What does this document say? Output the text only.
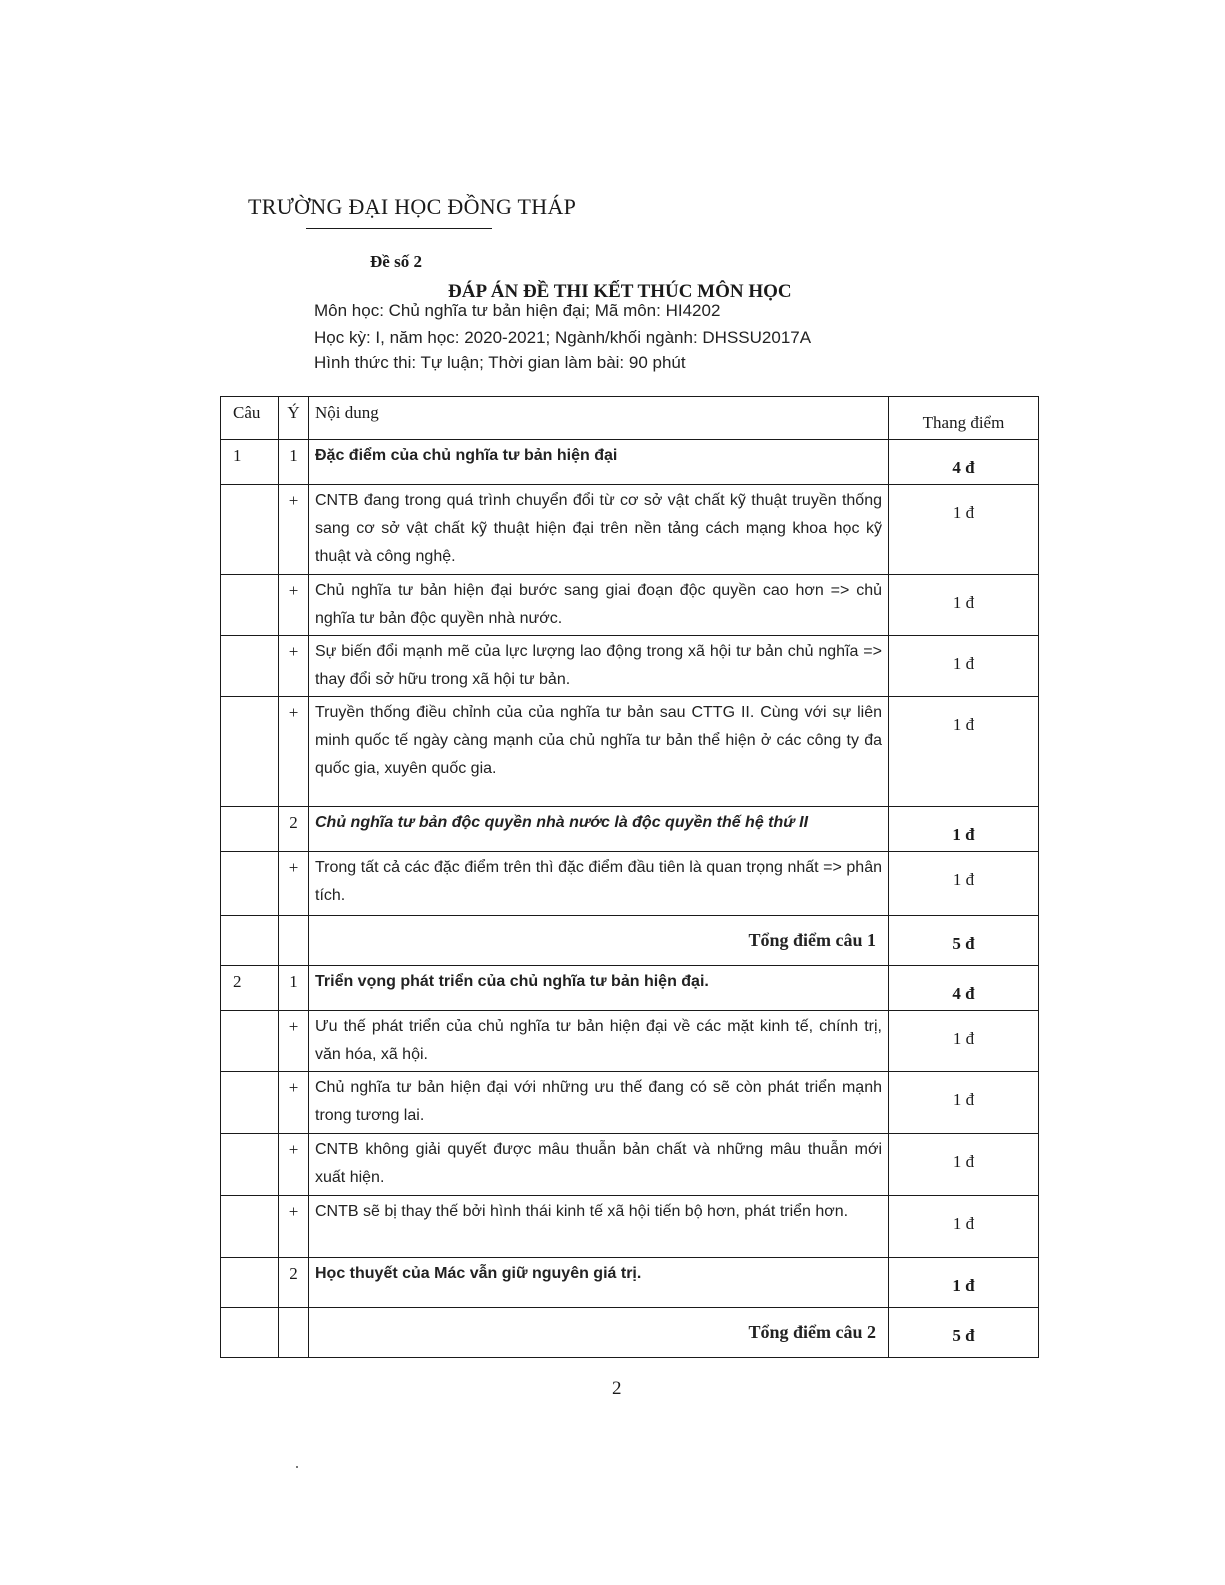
TRƯỜNG ĐẠI HỌC ĐỒNG THÁP
Đề số 2
ĐÁP ÁN ĐỀ THI KẾT THÚC MÔN HỌC
Môn học: Chủ nghĩa tư bản hiện đại; Mã môn: HI4202
Học kỳ: I, năm học: 2020-2021; Ngành/khối ngành: DHSSU2017A
Hình thức thi: Tự luận; Thời gian làm bài: 90 phút
Câu	Ý	Nội dung	Thang điểm
1	1	Đặc điểm của chủ nghĩa tư bản hiện đại	4 đ
	+	CNTB đang trong quá trình chuyển đổi từ cơ sở vật chất kỹ thuật truyền thống sang cơ sở vật chất kỹ thuật hiện đại trên nền tảng cách mạng khoa học kỹ thuật và công nghệ.	1 đ
	+	Chủ nghĩa tư bản hiện đại bước sang giai đoạn độc quyền cao hơn => chủ nghĩa tư bản độc quyền nhà nước.	1 đ
	+	Sự biến đổi mạnh mẽ của lực lượng lao động trong xã hội tư bản chủ nghĩa => thay đổi sở hữu trong xã hội tư bản.	1 đ
	+	Truyền thống điều chỉnh của của nghĩa tư bản sau CTTG II. Cùng với sự liên minh quốc tế ngày càng mạnh của chủ nghĩa tư bản thể hiện ở các công ty đa quốc gia, xuyên quốc gia.	1 đ
	2	Chủ nghĩa tư bản độc quyền nhà nước là độc quyền thế hệ thứ II	1 đ
	+	Trong tất cả các đặc điểm trên thì đặc điểm đầu tiên là quan trọng nhất => phân tích.	1 đ
		Tổng điểm câu 1	5 đ
2	1	Triển vọng phát triển của chủ nghĩa tư bản hiện đại.	4 đ
	+	Ưu thế phát triển của chủ nghĩa tư bản hiện đại về các mặt kinh tế, chính trị, văn hóa, xã hội.	1 đ
	+	Chủ nghĩa tư bản hiện đại với những ưu thế đang có sẽ còn phát triển mạnh trong tương lai.	1 đ
	+	CNTB không giải quyết được mâu thuẫn bản chất và những mâu thuẫn mới xuất hiện.	1 đ
	+	CNTB sẽ bị thay thế bởi hình thái kinh tế xã hội tiến bộ hơn, phát triển hơn.	1 đ
	2	Học thuyết của Mác vẫn giữ nguyên giá trị.	1 đ
		Tổng điểm câu 2	5 đ
2
